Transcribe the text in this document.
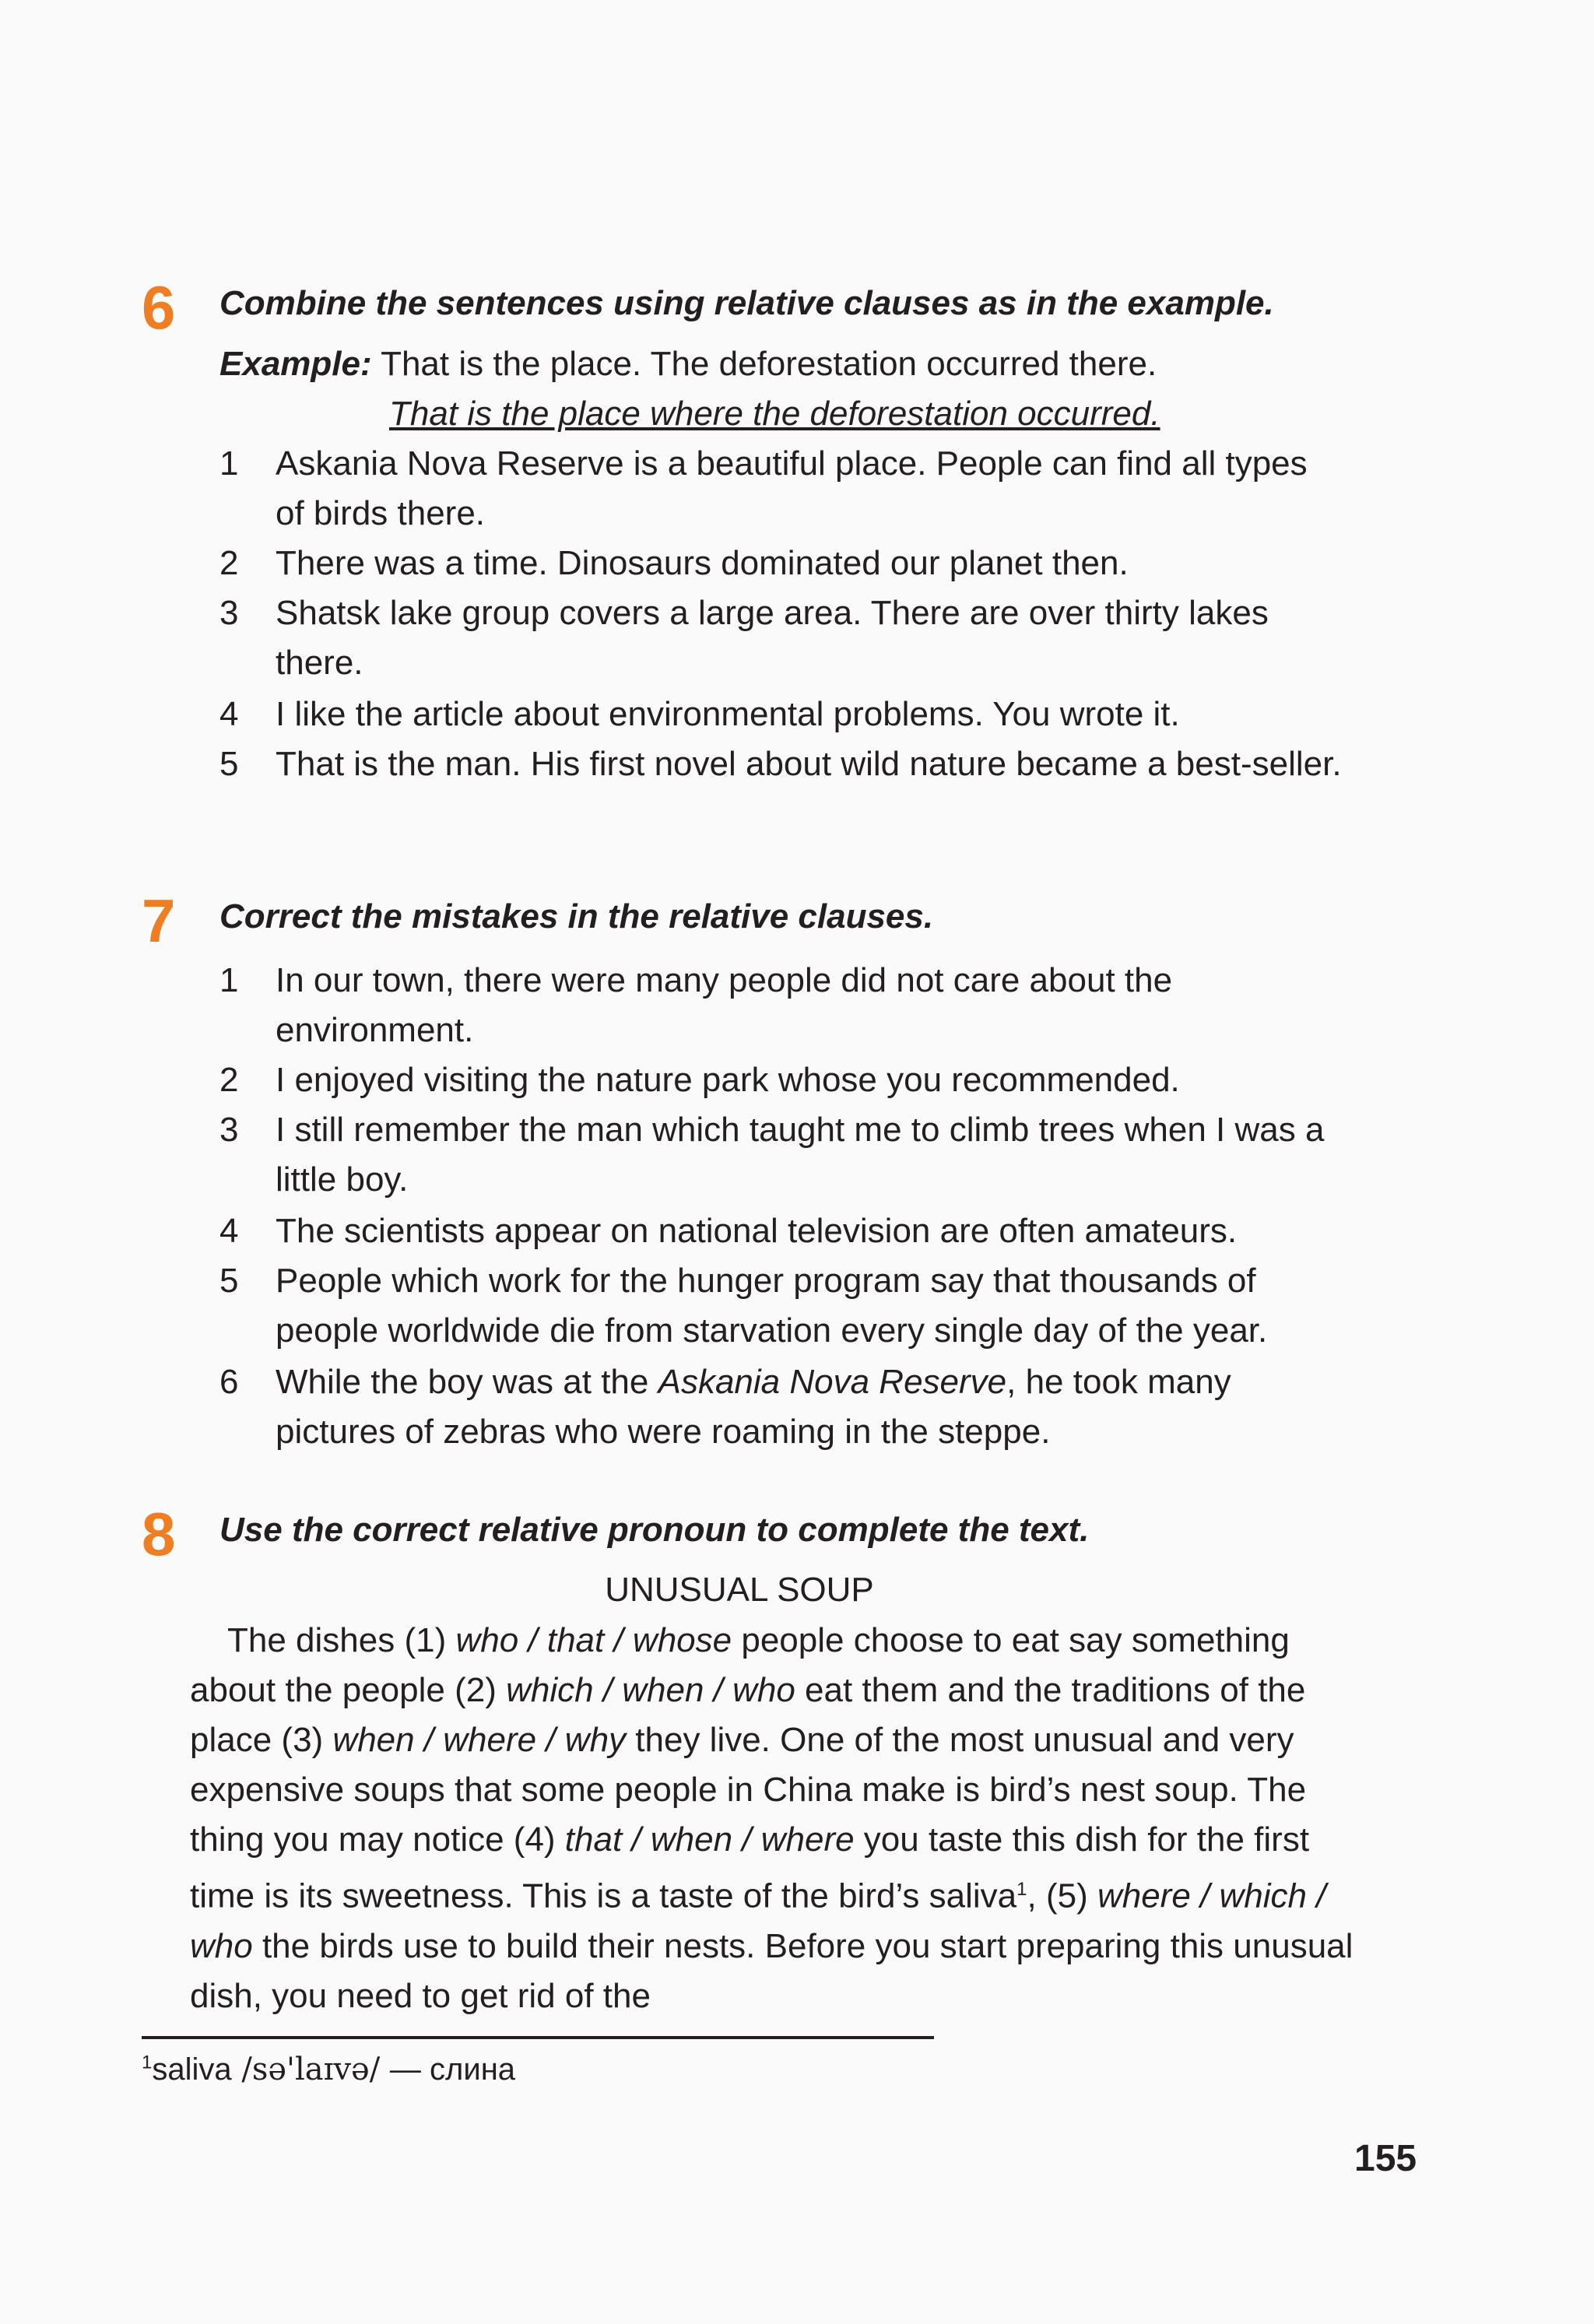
6 Combine the sentences using relative clauses as in the example.
Example: That is the place. The deforestation occurred there.
That is the place where the deforestation occurred.
1 Askania Nova Reserve is a beautiful place. People can find all types of birds there.
2 There was a time. Dinosaurs dominated our planet then.
3 Shatsk lake group covers a large area. There are over thirty lakes there.
4 I like the article about environmental problems. You wrote it.
5 That is the man. His first novel about wild nature became a best-seller.
7 Correct the mistakes in the relative clauses.
1 In our town, there were many people did not care about the environment.
2 I enjoyed visiting the nature park whose you recommended.
3 I still remember the man which taught me to climb trees when I was a little boy.
4 The scientists appear on national television are often amateurs.
5 People which work for the hunger program say that thousands of people worldwide die from starvation every single day of the year.
6 While the boy was at the Askania Nova Reserve, he took many pictures of zebras who were roaming in the steppe.
8 Use the correct relative pronoun to complete the text.
UNUSUAL SOUP
The dishes (1) who / that / whose people choose to eat say something about the people (2) which / when / who eat them and the traditions of the place (3) when / where / why they live. One of the most unusual and very expensive soups that some people in China make is bird’s nest soup. The thing you may notice (4) that / when / where you taste this dish for the first time is its sweetness. This is a taste of the bird’s saliva$^1$, (5) where / which / who the birds use to build their nests. Before you start preparing this unusual dish, you need to get rid of the
$^1$saliva /sə'laɪvə/ — слина
155
